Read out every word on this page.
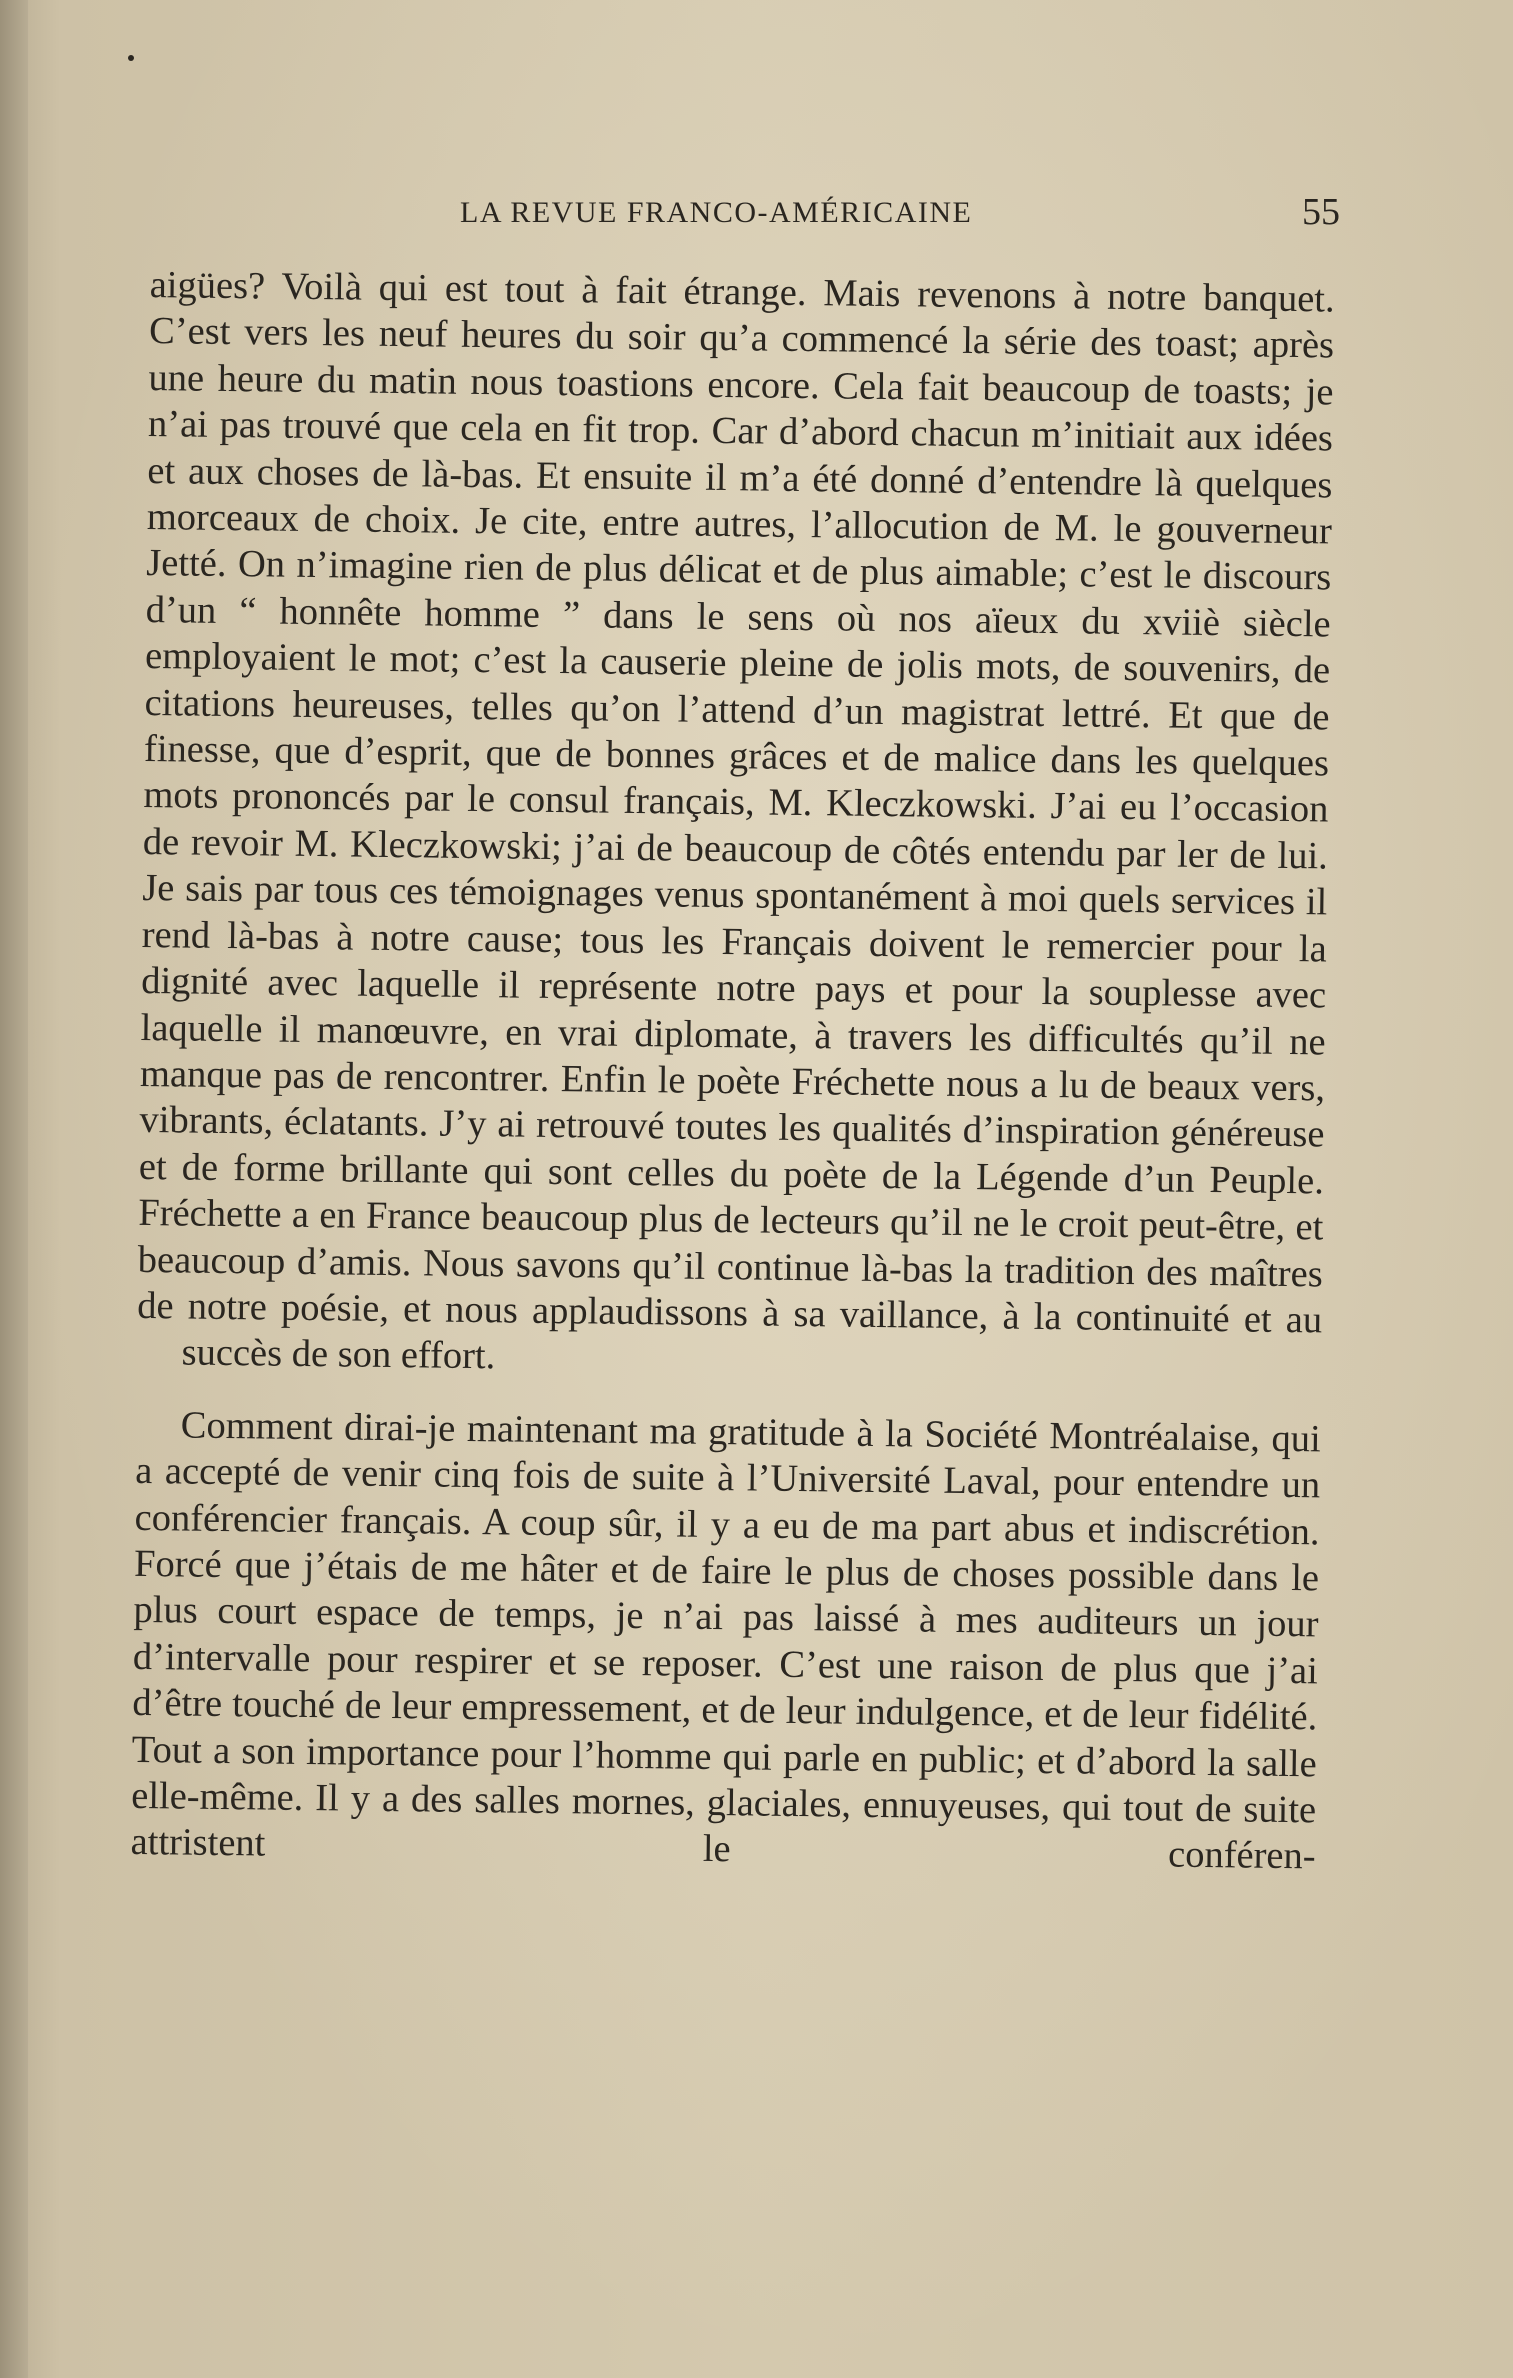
LA REVUE FRANCO-AMÉRICAINE	55

aigües? Voilà qui est tout à fait étrange. Mais revenons à notre banquet. C’est vers les neuf heures du soir qu’a commencé la série des toast; après une heure du matin nous toastions encore. Cela fait beaucoup de toasts; je n’ai pas trouvé que cela en fit trop. Car d’abord chacun m’initiait aux idées et aux choses de là-bas. Et ensuite il m’a été donné d’entendre là quelques morceaux de choix. Je cite, entre autres, l’allocution de M. le gouverneur Jetté. On n’imagine rien de plus délicat et de plus aimable; c’est le discours d’un “ honnête homme ” dans le sens où nos aïeux du xviiè siècle employaient le mot; c’est la causerie pleine de jolis mots, de souvenirs, de citations heureuses, telles qu’on l’attend d’un magistrat lettré. Et que de finesse, que d’esprit, que de bonnes grâces et de malice dans les quelques mots prononcés par le consul français, M. Kleczkowski. J’ai eu l’occasion de revoir M. Kleczkowski; j’ai de beaucoup de côtés entendu par ler de lui. Je sais par tous ces témoignages venus spontanément à moi quels services il rend là-bas à notre cause; tous les Français doivent le remercier pour la dignité avec laquelle il représente notre pays et pour la souplesse avec laquelle il manœuvre, en vrai diplomate, à travers les difficultés qu’il ne manque pas de rencontrer. Enfin le poète Fréchette nous a lu de beaux vers, vibrants, éclatants. J’y ai retrouvé toutes les qualités d’inspiration généreuse et de forme brillante qui sont celles du poète de la Légende d’un Peuple. Fréchette a en France beaucoup plus de lecteurs qu’il ne le croit peut-être, et beaucoup d’amis. Nous savons qu’il continue là-bas la tradition des maîtres de notre poésie, et nous applaudissons à sa vaillance, à la continuité et au

succès de son effort.

Comment dirai-je maintenant ma gratitude à la Société Montréalaise, qui a accepté de venir cinq fois de suite à l’Université Laval, pour entendre un conférencier français. A coup sûr, il y a eu de ma part abus et indiscrétion. Forcé que j’étais de me hâter et de faire le plus de choses possible dans le plus court espace de temps, je n’ai pas laissé à mes auditeurs un jour d’intervalle pour respirer et se reposer. C’est une raison de plus que j’ai d’être touché de leur empressement, et de leur indulgence, et de leur fidélité. Tout a son importance pour l’homme qui parle en public; et d’abord la salle elle-même. Il y a des salles mornes, glaciales, ennuyeuses, qui tout de suite attristent le conféren-
